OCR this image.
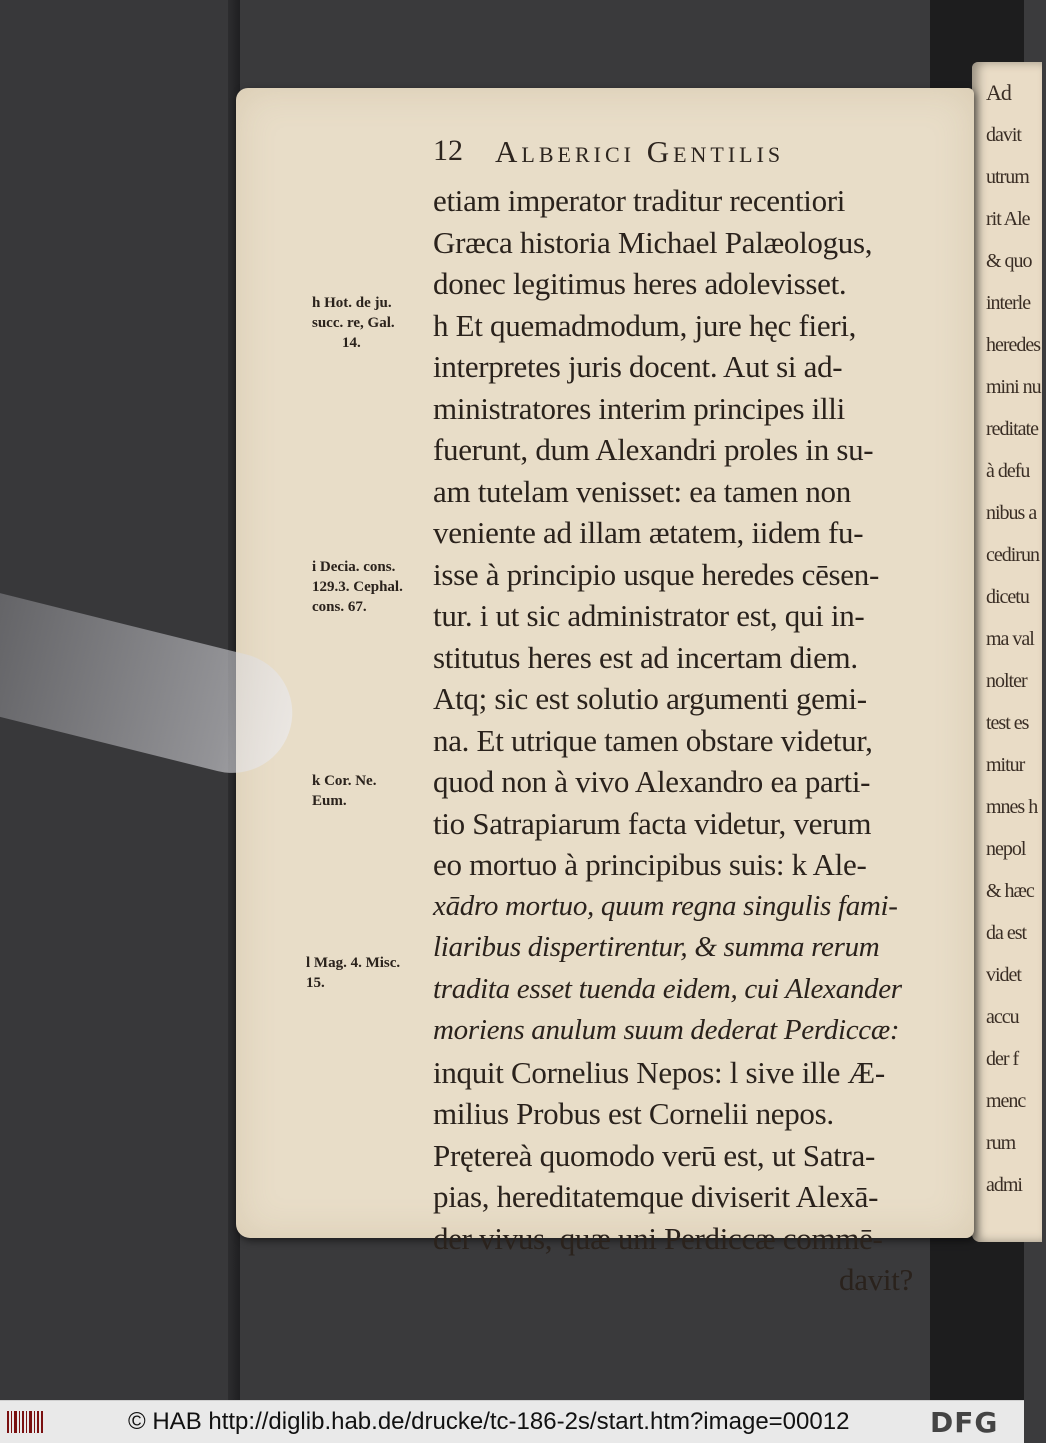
Ad
davit
utrum
rit Ale
& quo
interle
heredes
mini nu
reditate
à defu
nibus a
cedirun
dicetu
ma val
nolter
test es
mitur
mnes h
nepol
& hæc
da est
videt
accu
der f
menc
rum
admi
12 Alberici Gentilis
etiam imperator traditur recentiori
Græca historia Michael Palæologus,
donec legitimus heres adolevisset.
h Et quemadmodum, jure hęc fieri,
interpretes juris docent. Aut si ad-
ministratores interim principes illi
fuerunt, dum Alexandri proles in su-
am tutelam venisset: ea tamen non
veniente ad illam ætatem, iidem fu-
isse à principio usque heredes cēsen-
tur. i ut sic administrator est, qui in-
stitutus heres est ad incertam diem.
Atq; sic est solutio argumenti gemi-
na. Et utrique tamen obstare videtur,
quod non à vivo Alexandro ea parti-
tio Satrapiarum facta videtur, verum
eo mortuo à principibus suis: k Ale-
xādro mortuo, quum regna singulis fami-
liaribus dispertirentur, & summa rerum
tradita esset tuenda eidem, cui Alexander
moriens anulum suum dederat Perdiccæ:
inquit Cornelius Nepos: l sive ille Æ-
milius Probus est Cornelii nepos.
Prętereà quomodo verū est, ut Satra-
pias, hereditatemque diviserit Alexā-
der vivus, quæ uni Perdiccæ commē-
davit?
h Hot. de ju.
succ. re, Gal.
14.
i Decia. cons.
129.3. Cephal.
cons. 67.
k Cor. Ne.
Eum.
l Mag. 4. Misc.
15.
© HAB http://diglib.hab.de/drucke/tc-186-2s/start.htm?image=00012	DFG
